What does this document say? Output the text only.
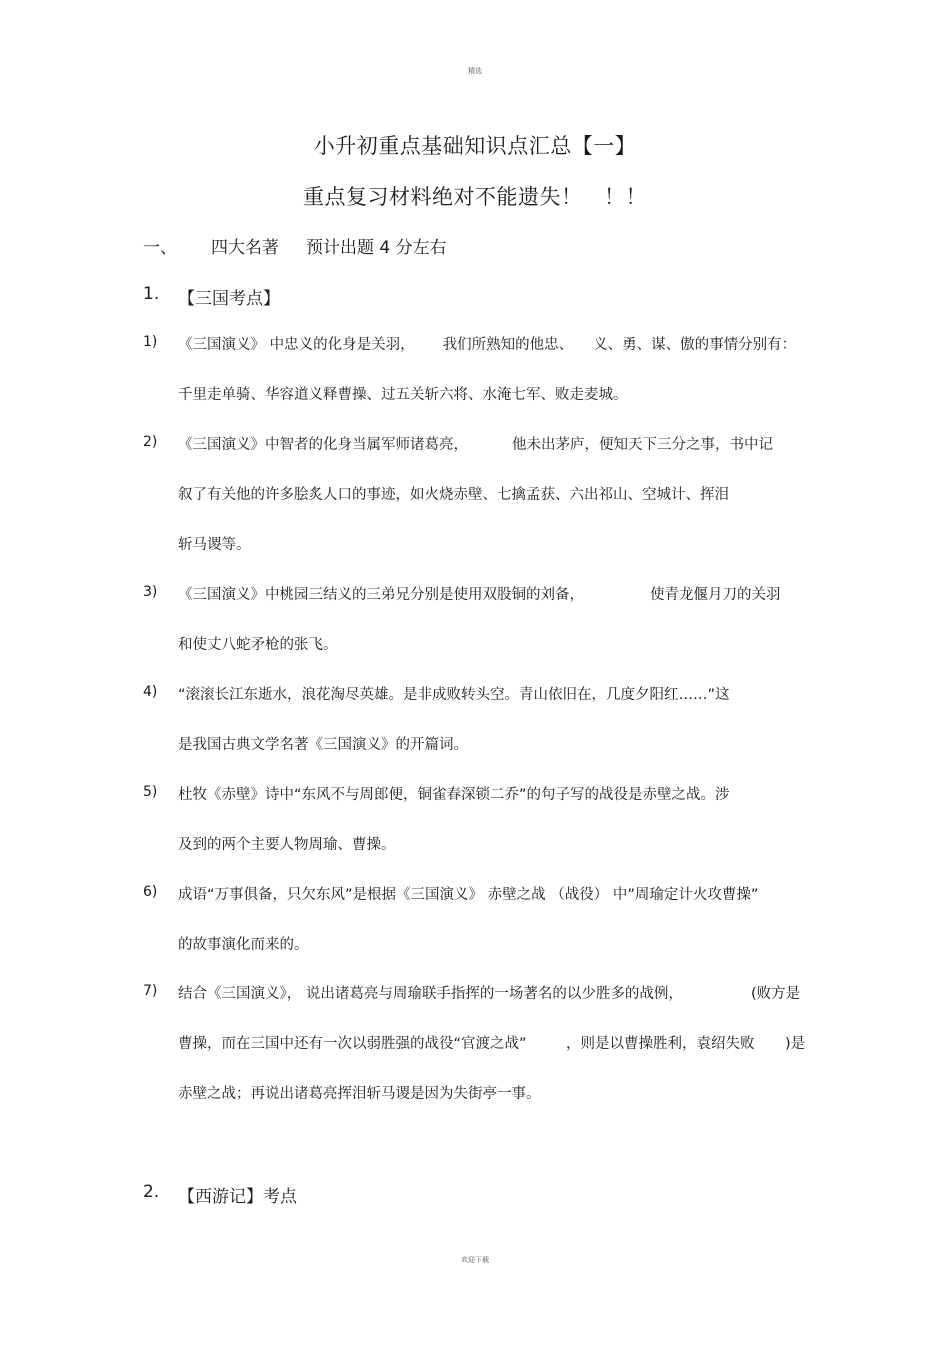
精选
欢迎下载
小升初重点基础知识点汇总【一】
重点复习材料绝对不能遗失！　！！
一、 四大名著 预计出题 4 分左右
1. 【三国考点】
1) 《三国演义》 中忠义的化身是关羽， 我们所熟知的他忠、 义、勇、谋、傲的事情分别有：
千里走单骑、华容道义释曹操、过五关斩六将、水淹七军、败走麦城。
2) 《三国演义》中智者的化身当属军师诸葛亮，	他未出茅庐，便知天下三分之事，书中记
叙了有关他的许多脍炙人口的事迹，如火烧赤壁、七擒孟获、六出祁山、空城计、挥泪
斩马谡等。
3) 《三国演义》中桃园三结义的三弟兄分别是使用双股铜的刘备，	使青龙偃月刀的关羽
和使丈八蛇矛枪的张飞。
4) “滚滚长江东逝水，浪花淘尽英雄。是非成败转头空。青山依旧在，几度夕阳红……”这
是我国古典文学名著《三国演义》的开篇词。
5) 杜牧《赤壁》诗中“东风不与周郎便，铜雀春深锁二乔”的句子写的战役是赤壁之战。涉
及到的两个主要人物周瑜、曹操。
6) 成语“万事俱备，只欠东风”是根据《三国演义》 赤壁之战 （战役） 中”周瑜定计火攻曹操”
的故事演化而来的。
7) 结合《三国演义》， 说出诸葛亮与周瑜联手指挥的一场著名的以少胜多的战例，	(败方是
曹操，而在三国中还有一次以弱胜强的战役“官渡之战”	，则是以曹操胜利，袁绍失败 )是
赤壁之战；再说出诸葛亮挥泪斩马谡是因为失街亭一事。
2. 【西游记】考点
